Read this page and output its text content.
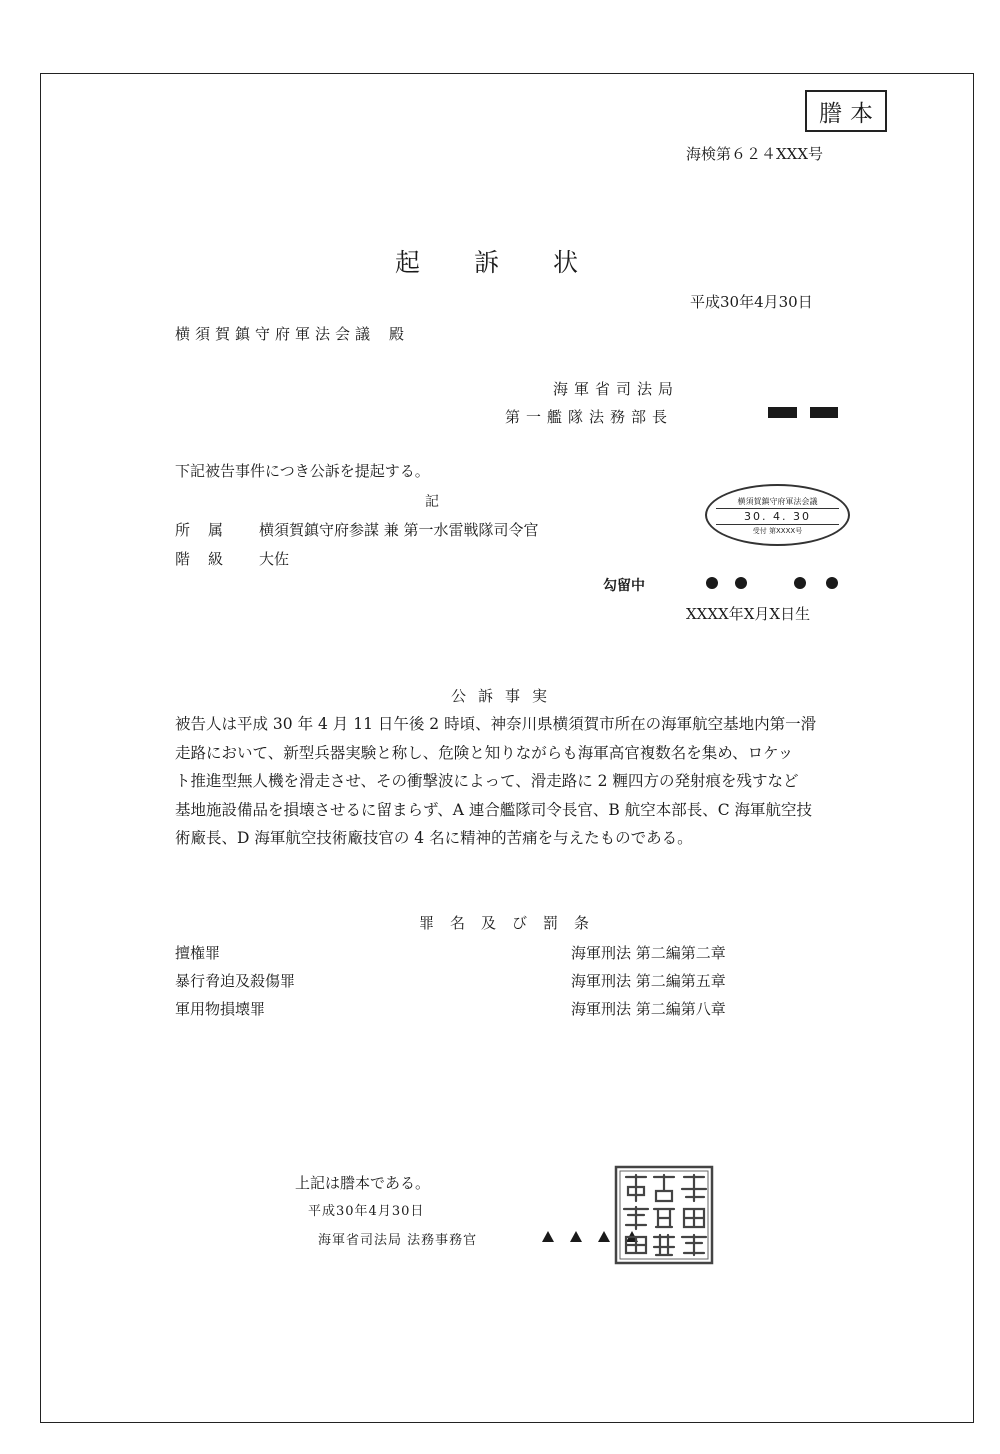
謄本
海検第６２４XXX号
起訴状
平成30年4月30日
横須賀鎮守府軍法会議 殿
海軍省司法局
第一艦隊法務部長
下記被告事件につき公訴を提起する。
記
所属 横須賀鎮守府参謀 兼 第一水雷戦隊司令官
階級 大佐
横須賀鎮守府軍法会議
30. 4. 30
受付 第XXXX号
勾留中
XXXX年X月X日生
公訴事実
被告人は平成 30 年 4 月 11 日午後 2 時頃、神奈川県横須賀市所在の海軍航空基地内第一滑
走路において、新型兵器実験と称し、危険と知りながらも海軍高官複数名を集め、ロケッ
ト推進型無人機を滑走させ、その衝撃波によって、滑走路に 2 糎四方の発射痕を残すなど
基地施設備品を損壊させるに留まらず、A 連合艦隊司令長官、B 航空本部長、C 海軍航空技
術廠長、D 海軍航空技術廠技官の 4 名に精神的苦痛を与えたものである。
罪名及び罰条
擅権罪	海軍刑法 第二編第二章
暴行脅迫及殺傷罪	海軍刑法 第二編第五章
軍用物損壊罪	海軍刑法 第二編第八章
上記は謄本である。
平成30年4月30日
海軍省司法局 法務事務官
